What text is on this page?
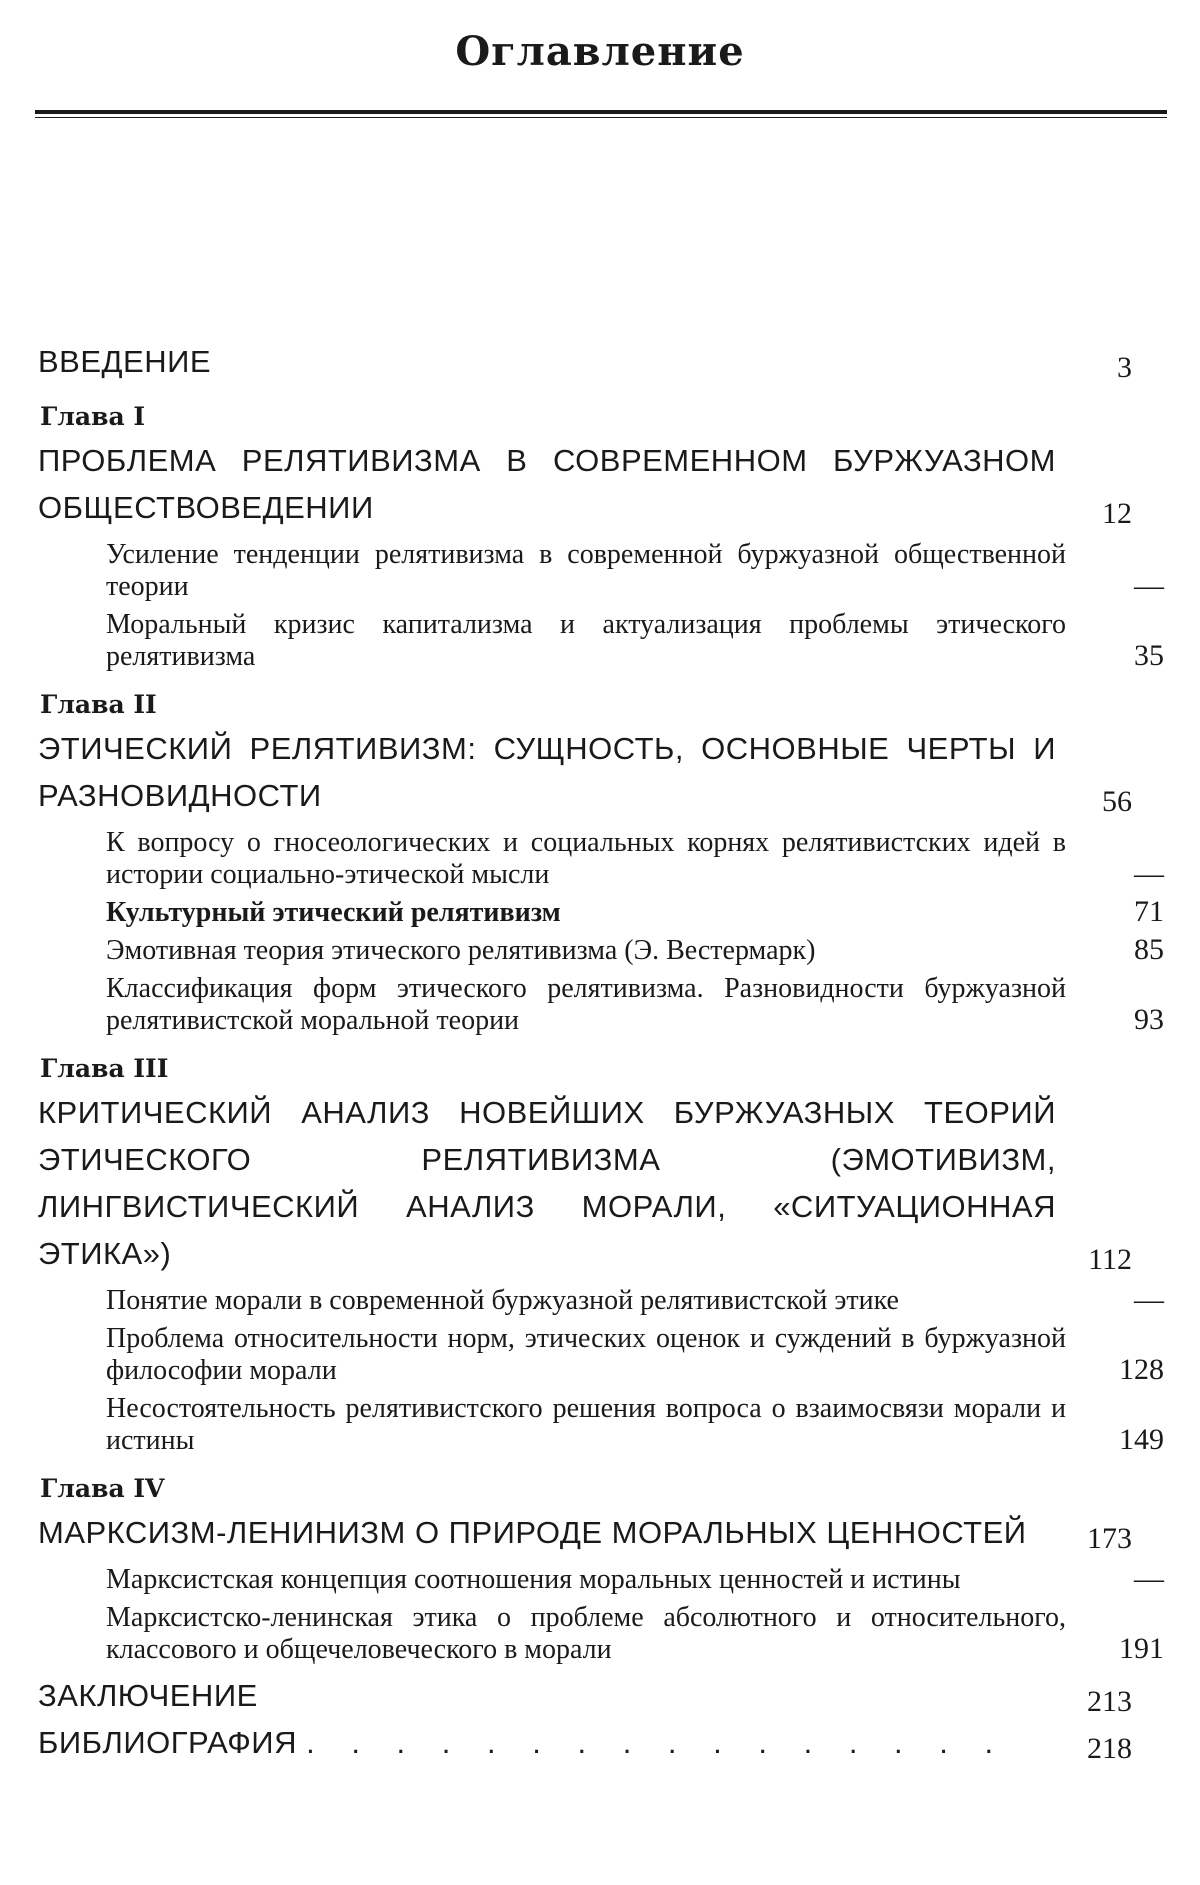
Оглавление
ВВЕДЕНИЕ	3
Глава I
ПРОБЛЕМА РЕЛЯТИВИЗМА В СОВРЕМЕННОМ БУРЖУАЗНОМ ОБЩЕСТВОВЕДЕНИИ	12
Усиление тенденции релятивизма в современной буржуазной общественной теории	—
Моральный кризис капитализма и актуализация проблемы этического релятивизма	35
Глава II
ЭТИЧЕСКИЙ РЕЛЯТИВИЗМ: СУЩНОСТЬ, ОСНОВНЫЕ ЧЕРТЫ И РАЗНОВИДНОСТИ	56
К вопросу о гносеологических и социальных корнях релятивистских идей в истории социально-этической мысли	—
Культурный этический релятивизм	71
Эмотивная теория этического релятивизма (Э. Вестермарк)	85
Классификация форм этического релятивизма. Разновидности буржуазной релятивистской моральной теории	93
Глава III
КРИТИЧЕСКИЙ АНАЛИЗ НОВЕЙШИХ БУРЖУАЗНЫХ ТЕОРИЙ ЭТИЧЕСКОГО РЕЛЯТИВИЗМА (ЭМОТИВИЗМ, ЛИНГВИСТИЧЕСКИЙ АНАЛИЗ МОРАЛИ, «СИТУАЦИОННАЯ ЭТИКА»)	112
Понятие морали в современной буржуазной релятивистской этике	—
Проблема относительности норм, этических оценок и суждений в буржуазной философии морали	128
Несостоятельность релятивистского решения вопроса о взаимосвязи морали и истины	149
Глава IV
МАРКСИЗМ-ЛЕНИНИЗМ О ПРИРОДЕ МОРАЛЬНЫХ ЦЕННОСТЕЙ	173
Марксистская концепция соотношения моральных ценностей и истины	—
Марксистско-ленинская этика о проблеме абсолютного и относительного, классового и общечеловеческого в морали	191
ЗАКЛЮЧЕНИЕ	213
БИБЛИОГРАФИЯ . . . . . . . . . . . . . . . .	218
